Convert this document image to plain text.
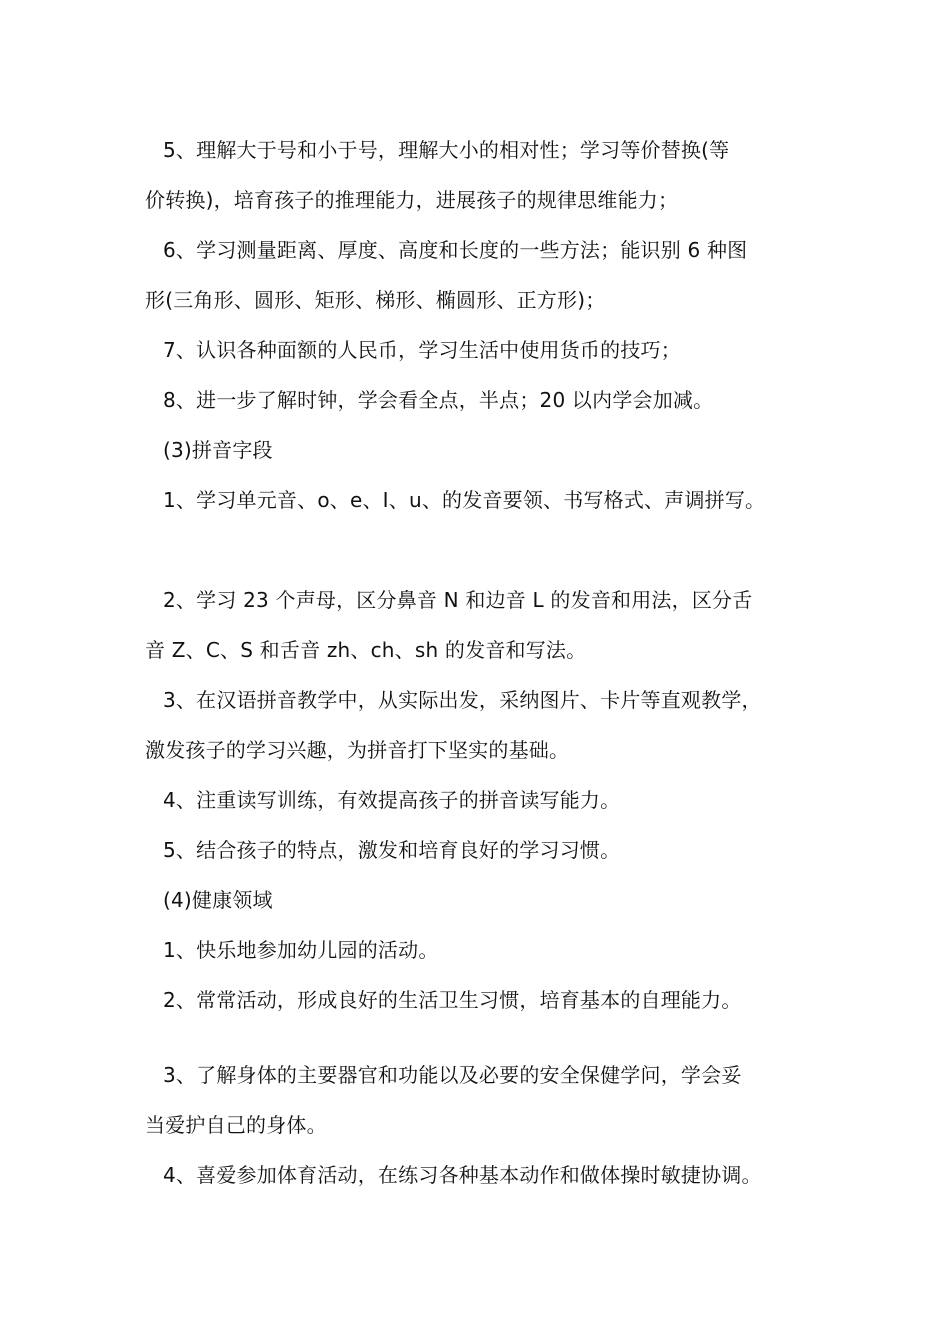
5、理解大于号和小于号，理解大小的相对性；学习等价替换(等
价转换)，培育孩子的推理能力，进展孩子的规律思维能力；
6、学习测量距离、厚度、高度和长度的一些方法；能识别 6 种图
形(三角形、圆形、矩形、梯形、椭圆形、正方形)；
7、认识各种面额的人民币，学习生活中使用货币的技巧；
8、进一步了解时钟，学会看全点，半点；20 以内学会加减。
(3)拼音字段
1、学习单元音、o、e、I、u、的发音要领、书写格式、声调拼写。
2、学习 23 个声母，区分鼻音 N 和边音 L 的发音和用法，区分舌
音 Z、C、S 和舌音 zh、ch、sh 的发音和写法。
3、在汉语拼音教学中，从实际出发，采纳图片、卡片等直观教学，
激发孩子的学习兴趣，为拼音打下坚实的基础。
4、注重读写训练，有效提高孩子的拼音读写能力。
5、结合孩子的特点，激发和培育良好的学习习惯。
(4)健康领域
1、快乐地参加幼儿园的活动。
2、常常活动，形成良好的生活卫生习惯，培育基本的自理能力。
3、了解身体的主要器官和功能以及必要的安全保健学问，学会妥
当爱护自己的身体。
4、喜爱参加体育活动，在练习各种基本动作和做体操时敏捷协调。
